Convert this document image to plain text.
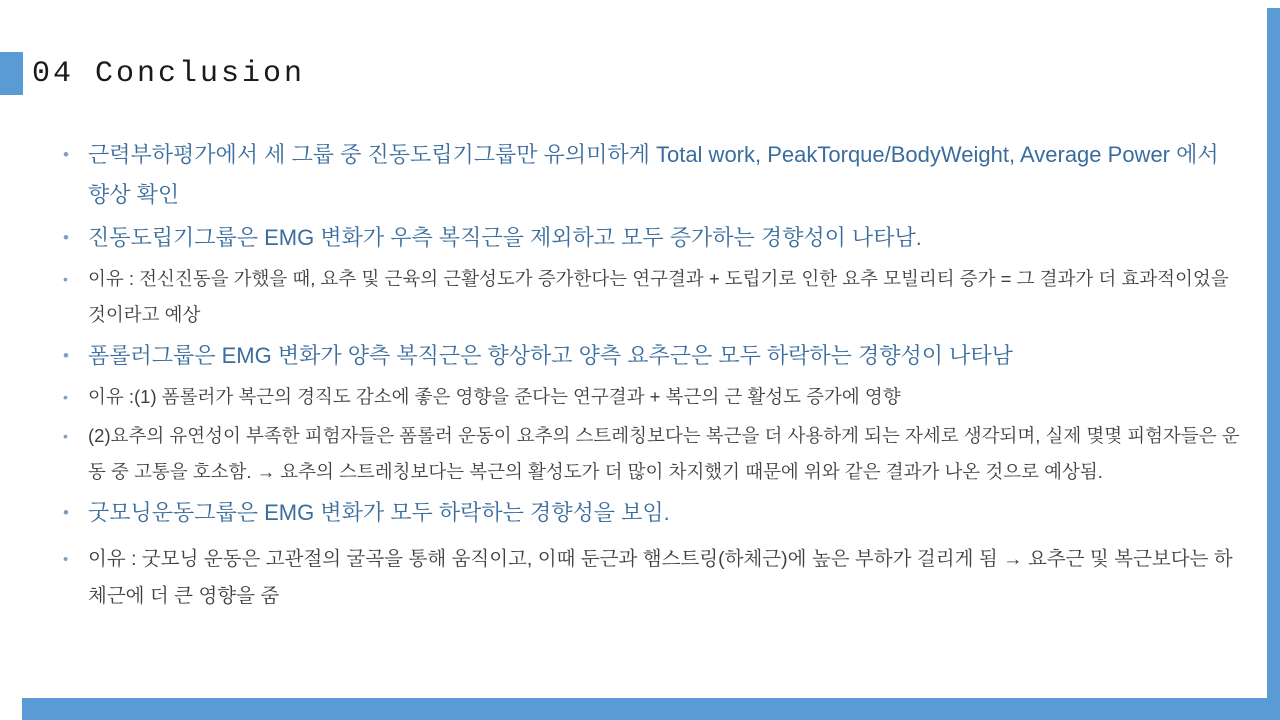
04 Conclusion
• 근력부하평가에서 세 그룹 중 진동도립기그룹만 유의미하게 Total work, PeakTorque/BodyWeight, Average Power 에서 향상 확인
• 진동도립기그룹은 EMG 변화가 우측 복직근을 제외하고 모두 증가하는 경향성이 나타남.
• 이유 : 전신진동을 가했을 때, 요추 및 근육의 근활성도가 증가한다는 연구결과 + 도립기로 인한 요추 모빌리티 증가 = 그 결과가 더 효과적이었을 것이라고 예상
• 폼롤러그룹은 EMG 변화가 양측 복직근은 향상하고 양측 요추근은 모두 하락하는 경향성이 나타남
• 이유 :(1) 폼롤러가 복근의 경직도 감소에 좋은 영향을 준다는 연구결과 + 복근의 근 활성도 증가에 영향
• (2)요추의 유연성이 부족한 피험자들은 폼롤러 운동이 요추의 스트레칭보다는 복근을 더 사용하게 되는 자세로 생각되며, 실제 몇몇 피험자들은 운동 중 고통을 호소함. → 요추의 스트레칭보다는 복근의 활성도가 더 많이 차지했기 때문에 위와 같은 결과가 나온 것으로 예상됨.
• 굿모닝운동그룹은 EMG 변화가 모두 하락하는 경향성을 보임.
• 이유 : 굿모닝 운동은 고관절의 굴곡을 통해 움직이고, 이때 둔근과 햄스트링(하체근)에 높은 부하가 걸리게 됨 → 요추근 및 복근보다는 하체근에 더 큰 영향을 줌
